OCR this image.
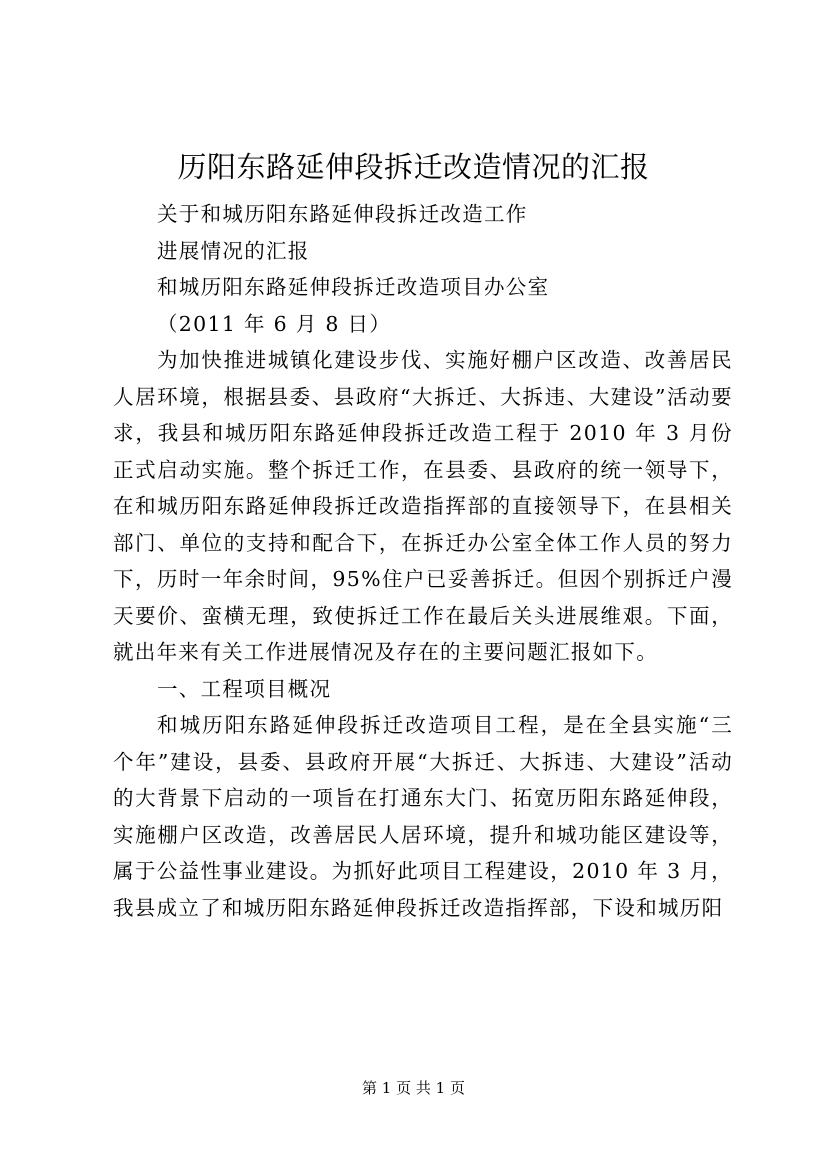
历阳东路延伸段拆迁改造情况的汇报

关于和城历阳东路延伸段拆迁改造工作

进展情况的汇报

和城历阳东路延伸段拆迁改造项目办公室

（2011 年 6 月 8 日）

为加快推进城镇化建设步伐、实施好棚户区改造、改善居民人居环境，根据县委、县政府“大拆迁、大拆违、大建设”活动要求，我县和城历阳东路延伸段拆迁改造工程于 2010 年 3 月份正式启动实施。整个拆迁工作，在县委、县政府的统一领导下，在和城历阳东路延伸段拆迁改造指挥部的直接领导下，在县相关部门、单位的支持和配合下，在拆迁办公室全体工作人员的努力下，历时一年余时间，95%住户已妥善拆迁。但因个别拆迁户漫天要价、蛮横无理，致使拆迁工作在最后关头进展维艰。下面，就出年来有关工作进展情况及存在的主要问题汇报如下。

一、工程项目概况

和城历阳东路延伸段拆迁改造项目工程，是在全县实施“三个年”建设，县委、县政府开展“大拆迁、大拆违、大建设”活动的大背景下启动的一项旨在打通东大门、拓宽历阳东路延伸段，实施棚户区改造，改善居民人居环境，提升和城功能区建设等，属于公益性事业建设。为抓好此项目工程建设，2010 年 3 月，我县成立了和城历阳东路延伸段拆迁改造指挥部，下设和城历阳

第 1 页 共 1 页
